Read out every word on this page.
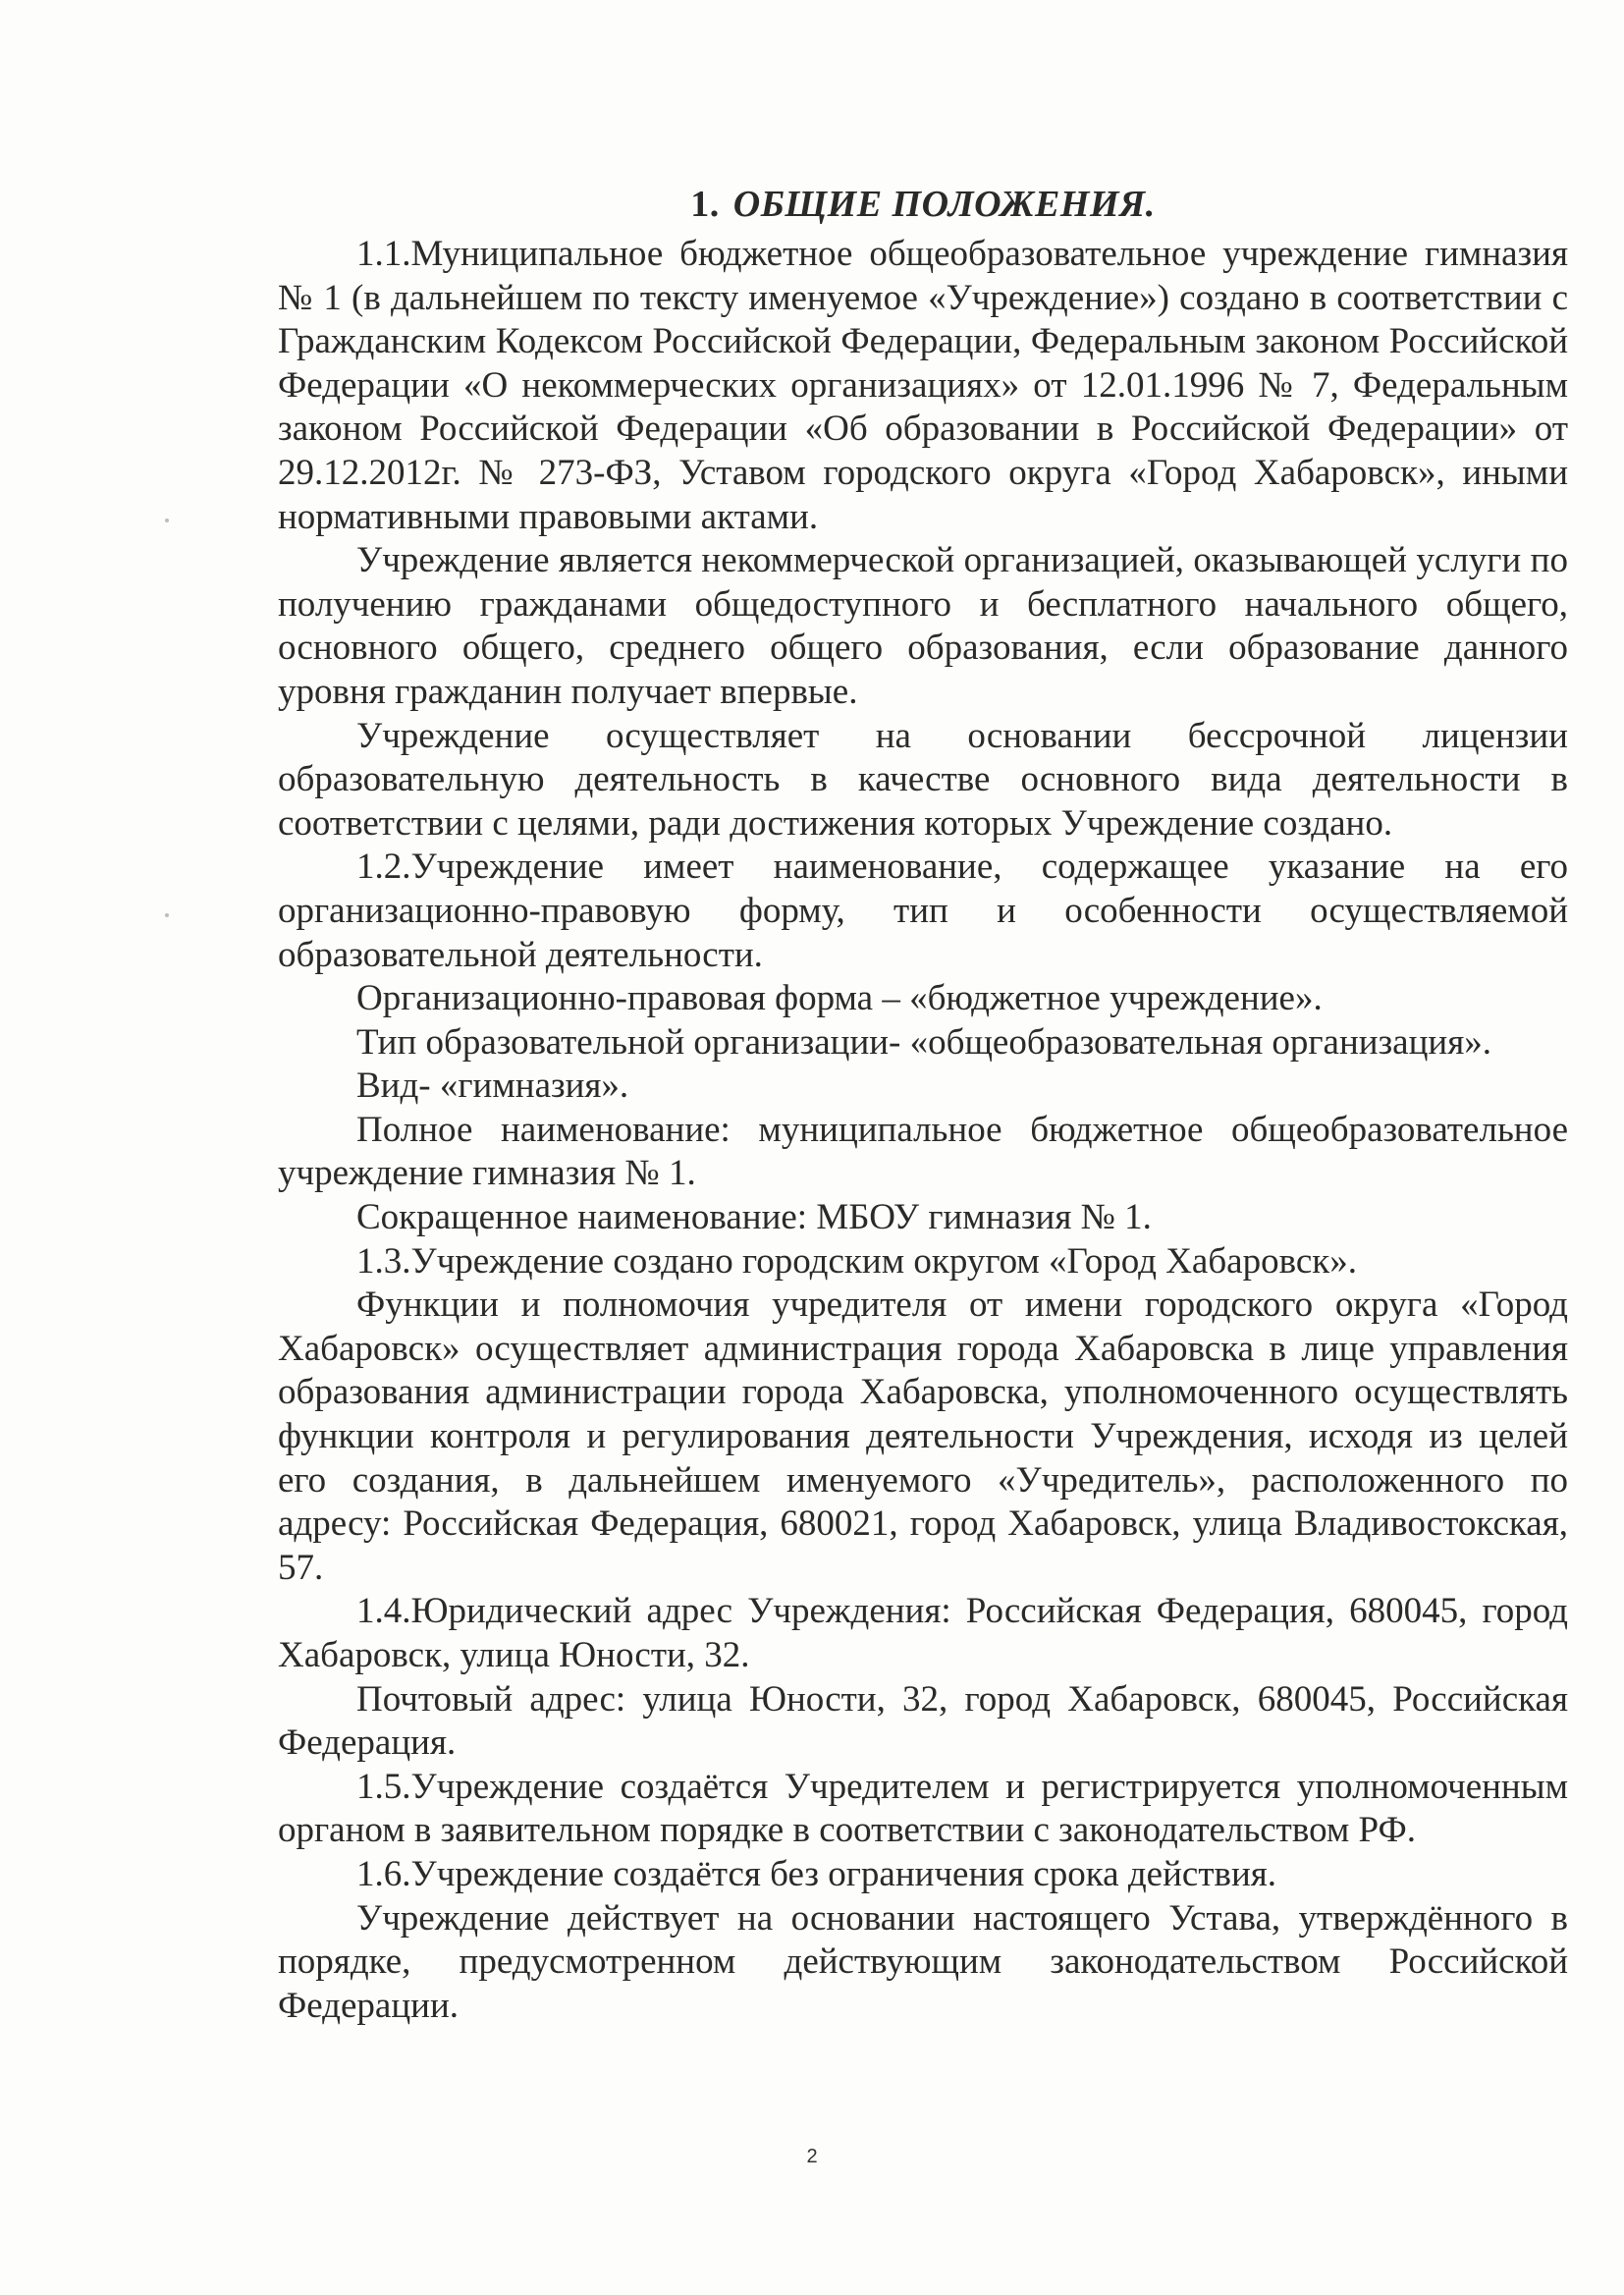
1. ОБЩИЕ ПОЛОЖЕНИЯ.

1.1.Муниципальное бюджетное общеобразовательное учреждение гимназия № 1 (в дальнейшем по тексту именуемое «Учреждение») создано в соответствии с Гражданским Кодексом Российской Федерации, Федеральным законом Российской Федерации «О некоммерческих организациях» от 12.01.1996 № 7, Федеральным законом Российской Федерации «Об образовании в Российской Федерации» от 29.12.2012г. № 273-ФЗ, Уставом городского округа «Город Хабаровск», иными нормативными правовыми актами.

Учреждение является некоммерческой организацией, оказывающей услуги по получению гражданами общедоступного и бесплатного начального общего, основного общего, среднего общего образования, если образование данного уровня гражданин получает впервые.

Учреждение осуществляет на основании бессрочной лицензии образовательную деятельность в качестве основного вида деятельности в соответствии с целями, ради достижения которых Учреждение создано.

1.2.Учреждение имеет наименование, содержащее указание на его организационно-правовую форму, тип и особенности осуществляемой образовательной деятельности.

Организационно-правовая форма – «бюджетное учреждение».

Тип образовательной организации- «общеобразовательная организация».

Вид- «гимназия».

Полное наименование: муниципальное бюджетное общеобразовательное учреждение гимназия № 1.

Сокращенное наименование: МБОУ гимназия № 1.

1.3.Учреждение создано городским округом «Город Хабаровск».

Функции и полномочия учредителя от имени городского округа «Город Хабаровск» осуществляет администрация города Хабаровска в лице управления образования администрации города Хабаровска, уполномоченного осуществлять функции контроля и регулирования деятельности Учреждения, исходя из целей его создания, в дальнейшем именуемого «Учредитель», расположенного по адресу: Российская Федерация, 680021, город Хабаровск, улица Владивостокская, 57.

1.4.Юридический адрес Учреждения: Российская Федерация, 680045, город Хабаровск, улица Юности, 32.

Почтовый адрес: улица Юности, 32, город Хабаровск, 680045, Российская Федерация.

1.5.Учреждение создаётся Учредителем и регистрируется уполномоченным органом в заявительном порядке в соответствии с законодательством РФ.

1.6.Учреждение создаётся без ограничения срока действия.

Учреждение действует на основании настоящего Устава, утверждённого в порядке, предусмотренном действующим законодательством Российской Федерации.

2
